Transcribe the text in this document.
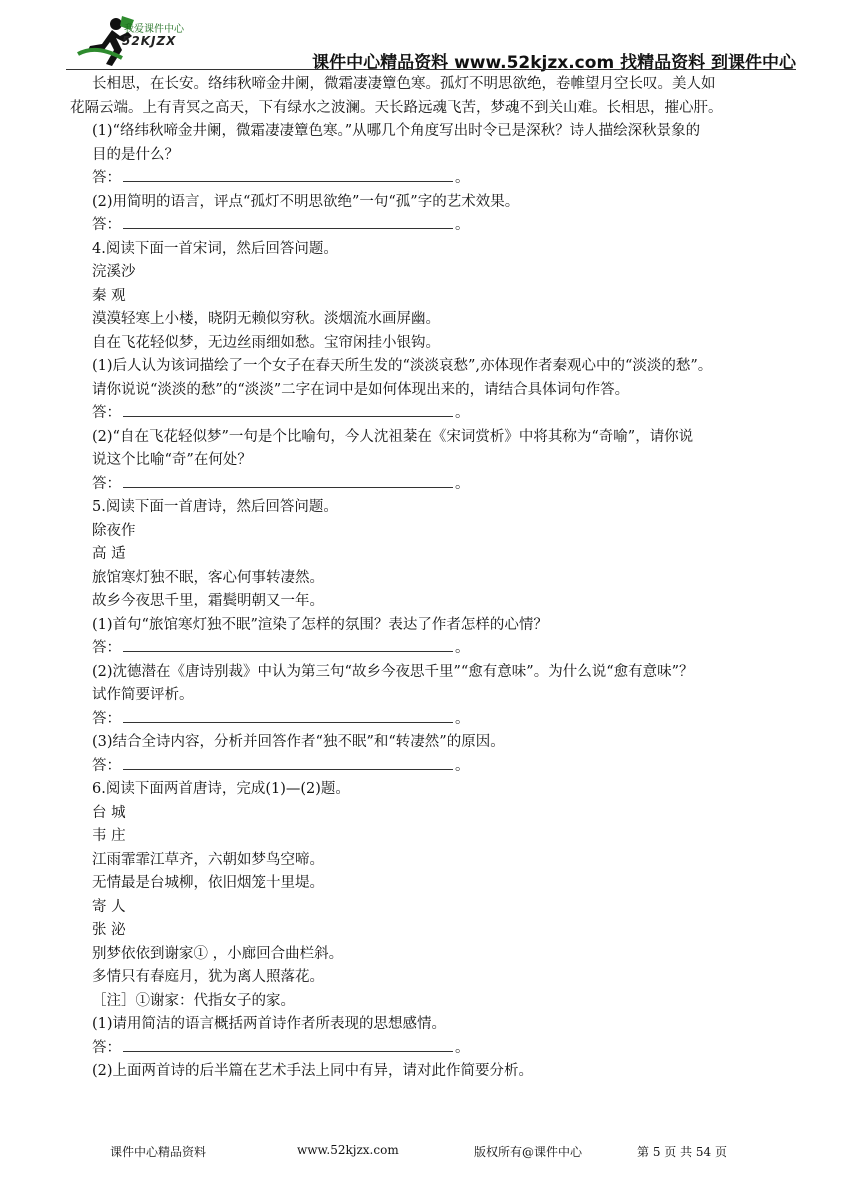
我爱课件中心
52KJZX
课件中心精品资料 www.52kjzx.com 找精品资料 到课件中心

长相思，在长安。络纬秋啼金井阑，微霜凄凄簟色寒。孤灯不明思欲绝，卷帷望月空长叹。美人如

花隔云端。上有青冥之高天，下有绿水之波澜。天长路远魂飞苦，梦魂不到关山难。长相思，摧心肝。

(1)“络纬秋啼金井阑，微霜凄凄簟色寒。”从哪几个角度写出时令已是深秋？诗人描绘深秋景象的

目的是什么？

答：	。

(2)用简明的语言，评点“孤灯不明思欲绝”一句“孤”字的艺术效果。

答：	。

4.阅读下面一首宋词，然后回答问题。

浣溪沙

秦 观

漠漠轻寒上小楼，晓阴无赖似穷秋。淡烟流水画屏幽。

自在飞花轻似梦，无边丝雨细如愁。宝帘闲挂小银钩。

(1)后人认为该词描绘了一个女子在春天所生发的“淡淡哀愁”,亦体现作者秦观心中的“淡淡的愁”。

请你说说“淡淡的愁”的“淡淡”二字在词中是如何体现出来的，请结合具体词句作答。

答：	。

(2)“自在飞花轻似梦”一句是个比喻句，今人沈祖棻在《宋词赏析》中将其称为“奇喻”，请你说

说这个比喻“奇”在何处？

答：	。

5.阅读下面一首唐诗，然后回答问题。

除夜作

高 适

旅馆寒灯独不眠，客心何事转凄然。

故乡今夜思千里，霜鬓明朝又一年。

(1)首句“旅馆寒灯独不眠”渲染了怎样的氛围？表达了作者怎样的心情？

答：	。

(2)沈德潜在《唐诗别裁》中认为第三句“故乡今夜思千里”“愈有意味”。为什么说“愈有意味”？

试作简要评析。

答：	。

(3)结合全诗内容，分析并回答作者“独不眠”和“转凄然”的原因。

答：	。

6.阅读下面两首唐诗，完成(1)—(2)题。

台 城

韦 庄

江雨霏霏江草齐，六朝如梦鸟空啼。

无情最是台城柳，依旧烟笼十里堤。

寄 人

张 泌

别梦依依到谢家① ，小廊回合曲栏斜。

多情只有春庭月，犹为离人照落花。

［注］①谢家：代指女子的家。

(1)请用简洁的语言概括两首诗作者所表现的思想感情。

答：	。

(2)上面两首诗的后半篇在艺术手法上同中有异，请对此作简要分析。

课件中心精品资料	www.52kjzx.com	版权所有@课件中心	第 5 页 共 54 页
